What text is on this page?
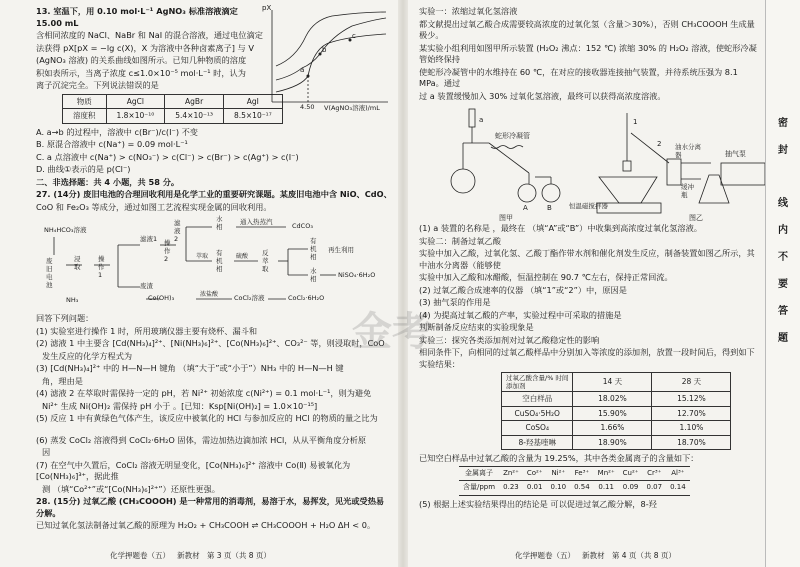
13. 室温下，用 0.10 mol·L⁻¹ AgNO₃ 标准溶液滴定 15.00 mL

含相同浓度的 NaCl、NaBr 和 NaI 的混合溶液，通过电位滴定

法获得 pX[pX = −lg c(X)，X 为溶液中各种卤素离子] 与 V

(AgNO₃ 溶液) 的关系曲线如图所示。已知几种物质的溶度

积如表所示，当离子浓度 c≤1.0×10⁻⁵ mol·L⁻¹ 时，认为

离子沉淀完全。下列说法错误的是

物质	AgCl	AgBr	AgI
溶度积	1.8×10⁻¹⁰	5.4×10⁻¹³	8.5×10⁻¹⁷

A. a→b 的过程中，溶液中 c(Br⁻)/c(I⁻) 不变

B. 原混合溶液中 c(Na⁺) = 0.09 mol·L⁻¹

C. a 点溶液中 c(Na⁺) > c(NO₃⁻) > c(Cl⁻) > c(Br⁻) > c(Ag⁺) > c(I⁻)

D. 曲线①表示的是 p(Cl⁻)

二、非选择题：共 4 小题，共 58 分。

27. (14分) 废旧电池的合理回收利用是化学工业的重要研究课题。某废旧电池中含 NiO、CdO、

CoO 和 Fe₂O₃ 等成分，通过如图工艺流程实现金属的回收利用。

NH₄HCO₃溶液
废旧电池
浸取
操作1
NH₃
滤液1	操作2
滤液2
水相
通入热蒸汽	CdCO₃
有机相
反萃取
有机相
再生利用
水相	NiSO₄·6H₂O
废渣
Co(OH)₃	浓盐酸 CoCl₂溶液	CoCl₂·6H₂O
萃取	硫酸

回答下列问题：

(1) 实验室进行操作 1 时，所用玻璃仪器主要有烧杯、漏斗和

(2) 滤液 1 中主要含 [Cd(NH₃)₄]²⁺、[Ni(NH₃)₆]²⁺、[Co(NH₃)₆]²⁺、CO₃²⁻ 等，则浸取时，CoO

发生反应的化学方程式为

(3) [Cd(NH₃)₄]²⁺ 中的 H—N—H 键角 （填“大于”或“小于”）NH₃ 中的 H—N—H 键

角，理由是

(4) 滤液 2 在萃取时需保持一定的 pH，若 Ni²⁺ 初始浓度 c(Ni²⁺) = 0.1 mol·L⁻¹，则为避免

Ni²⁺ 生成 Ni(OH)₂ 需保持 pH 小于 。[已知：Ksp[Ni(OH)₂] = 1.0×10⁻¹⁵]

(5) 反应 1 中有黄绿色气体产生，该反应中被氧化的 HCl 与参加反应的 HCl 的物质的量之比为

(6) 蒸发 CoCl₂ 溶液得到 CoCl₂·6H₂O 固体，需边加热边滴加浓 HCl，从从平衡角度分析原

因

(7) 在空气中久置后，CoCl₂ 溶液无明显变化，[Co(NH₃)₆]²⁺ 溶液中 Co(Ⅱ) 易被氧化为 [Co(NH₃)₆]³⁺，据此推

测 （填“Co²⁺”或“[Co(NH₃)₆]²⁺”）还原性更强。

28. (15分) 过氧乙酸 (CH₃COOOH) 是一种常用的消毒剂，易溶于水，易挥发，见光或受热易分解。

已知过氧化氢法制备过氧乙酸的原理为 H₂O₂ + CH₃COOH ⇌ CH₃COOOH + H₂O ΔH < 0。

化学押题卷（五） 新教材 第 3 页（共 8 页）
pX
a
b
c
4.50 V(AgNO₃溶液)/mL
金考

实验一：浓缩过氧化氢溶液

都文献提出过氧乙酸合成需要较高浓度的过氧化氢（含量＞30%），否则 CH₃COOOH 生成量极少。

某实验小组利用如图甲所示装置 (H₂O₂ 沸点：152 ℃) 浓缩 30% 的 H₂O₂ 溶液，使蛇形冷凝管始终保持

使蛇形冷凝管中的水维持在 60 ℃，在对应的接收器连接抽气装置，并待系统压强为 8.1 MPa。通过

过 a 装置缓慢加入 30% 过氧化氢溶液，最终可以获得高浓度溶液。

a
蛇形冷凝管
A	B
1
2 油水分离器	抽气泵
缓冲瓶
恒温磁搅拌器
图甲	图乙

(1) a 装置的名称是 ，最终在 （填“A”或“B”）中收集到高浓度过氧化氢溶液。

实验二：制备过氧乙酸

实验中加入乙酸，过氧化氢、乙酸丁酯作带水剂和催化剂发生反应，制备装置如图乙所示，其中油水分离器（能够使

实验中加入乙酸和冰醋酸，恒温控制在 90.7 ℃左右，保持正常回流。

(2) 过氧乙酸合成速率的仪器 （填“1”或“2”）中，原因是

(3) 抽气泵的作用是

(4) 为提高过氧乙酸的产率，实验过程中可采取的措施是

判断制备反应结束的实验现象是

实验三：探究各类添加剂对过氧乙酸稳定性的影响

相同条件下，向相同的过氧乙酸样品中分别加入等浓度的添加剂，放置一段时间后，得到如下实验结果：

过氧乙酸含量/% 时间
添加剂	14 天	28 天
空白样品	18.02%	15.12%
CuSO₄·5H₂O	15.90%	12.70%
CoSO₄	1.66%	1.10%
8-羟基喹啉	18.90%	18.70%

已知空白样品中过氧乙酸的含量为 19.25%，其中各类金属离子的含量如下：

金属离子	Zn²⁺	Co²⁺	Ni²⁺	Fe³⁺	Mn²⁺	Cu²⁺	Cr³⁺	Al³⁺
含量/ppm	0.23	0.01	0.10	0.54	0.11	0.09	0.07	0.14

(5) 根据上述实验结果得出的结论是 可以促进过氧乙酸分解，8-羟

化学押题卷（五） 新教材 第 4 页（共 8 页）
密
封
线
内
不
要
答
题
